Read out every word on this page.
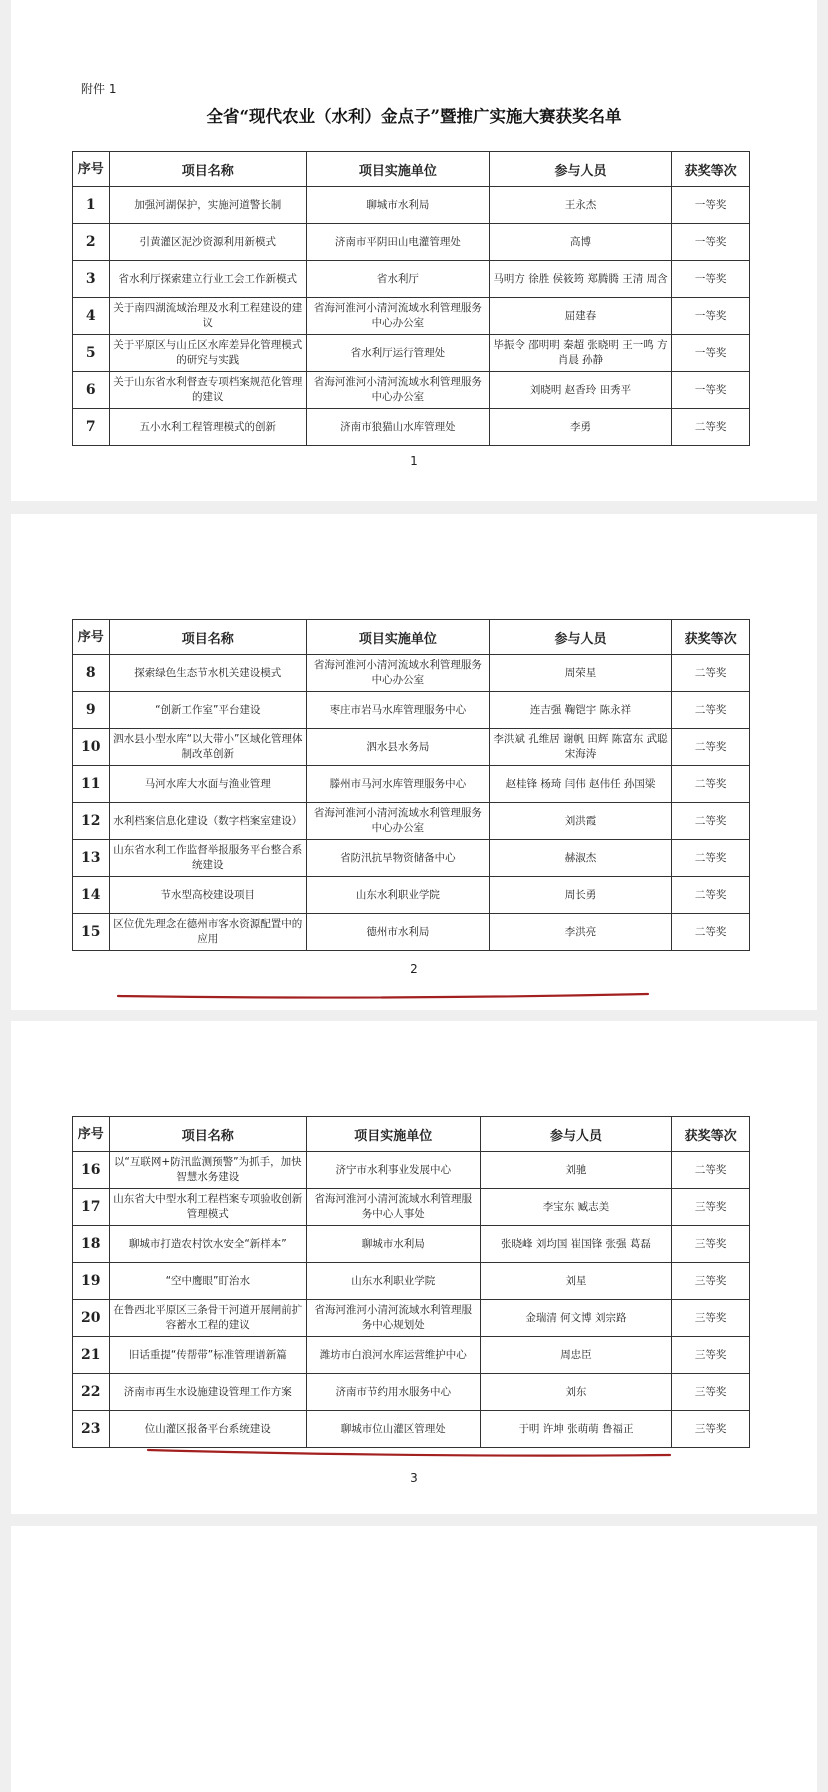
附件 1
全省“现代农业（水利）金点子”暨推广实施大赛获奖名单
序号	项目名称	项目实施单位	参与人员	获奖等次
1	加强河湖保护，实施河道警长制	聊城市水利局	王永杰	一等奖
2	引黄灌区泥沙资源利用新模式	济南市平阴田山电灌管理处	高博	一等奖
3	省水利厅探索建立行业工会工作新模式	省水利厅	马明方 徐胜 侯筱筠 郑腾腾 王清 周含	一等奖
4	关于南四湖流域治理及水利工程建设的建议	省海河淮河小清河流域水利管理服务中心办公室	屈建春	一等奖
5	关于平原区与山丘区水库差异化管理模式的研究与实践	省水利厅运行管理处	毕振令 邵明明 秦超 张晓明 王一鸣 方肖晨 孙静	一等奖
6	关于山东省水利督查专项档案规范化管理的建议	省海河淮河小清河流域水利管理服务中心办公室	刘晓明 赵香玲 田秀平	一等奖
7	五小水利工程管理模式的创新	济南市狼猫山水库管理处	李勇	二等奖
1
序号	项目名称	项目实施单位	参与人员	获奖等次
8	探索绿色生态节水机关建设模式	省海河淮河小清河流域水利管理服务中心办公室	周荣星	二等奖
9	“创新工作室”平台建设	枣庄市岩马水库管理服务中心	连吉强 鞠铠宇 陈永祥	二等奖
10	泗水县小型水库“以大带小”区域化管理体制改革创新	泗水县水务局	李洪斌 孔维居 谢帆 田辉 陈富东 武聪 宋海涛	二等奖
11	马河水库大水面与渔业管理	滕州市马河水库管理服务中心	赵桂锋 杨琦 闫伟 赵伟任 孙国梁	二等奖
12	水利档案信息化建设（数字档案室建设）	省海河淮河小清河流域水利管理服务中心办公室	刘洪霞	二等奖
13	山东省水利工作监督举报服务平台整合系统建设	省防汛抗旱物资储备中心	赫淑杰	二等奖
14	节水型高校建设项目	山东水利职业学院	周长勇	二等奖
15	区位优先理念在德州市客水资源配置中的应用	德州市水利局	李洪亮	二等奖
2
序号	项目名称	项目实施单位	参与人员	获奖等次
16	以“互联网+防汛监测预警”为抓手，加快智慧水务建设	济宁市水利事业发展中心	刘驰	二等奖
17	山东省大中型水利工程档案专项验收创新管理模式	省海河淮河小清河流域水利管理服务中心人事处	李宝东 臧志美	三等奖
18	聊城市打造农村饮水安全“新样本”	聊城市水利局	张晓峰 刘均国 崔国锋 张强 葛磊	三等奖
19	“空中鹰眼”盯治水	山东水利职业学院	刘星	三等奖
20	在鲁西北平原区三条骨干河道开展闸前扩容蓄水工程的建议	省海河淮河小清河流域水利管理服务中心规划处	金瑞清 何文博 刘宗路	三等奖
21	旧话重提“传帮带”标准管理谱新篇	潍坊市白浪河水库运营维护中心	周忠臣	三等奖
22	济南市再生水设施建设管理工作方案	济南市节约用水服务中心	刘东	三等奖
23	位山灌区报备平台系统建设	聊城市位山灌区管理处	于明 许坤 张萌萌 鲁福正	三等奖
3
